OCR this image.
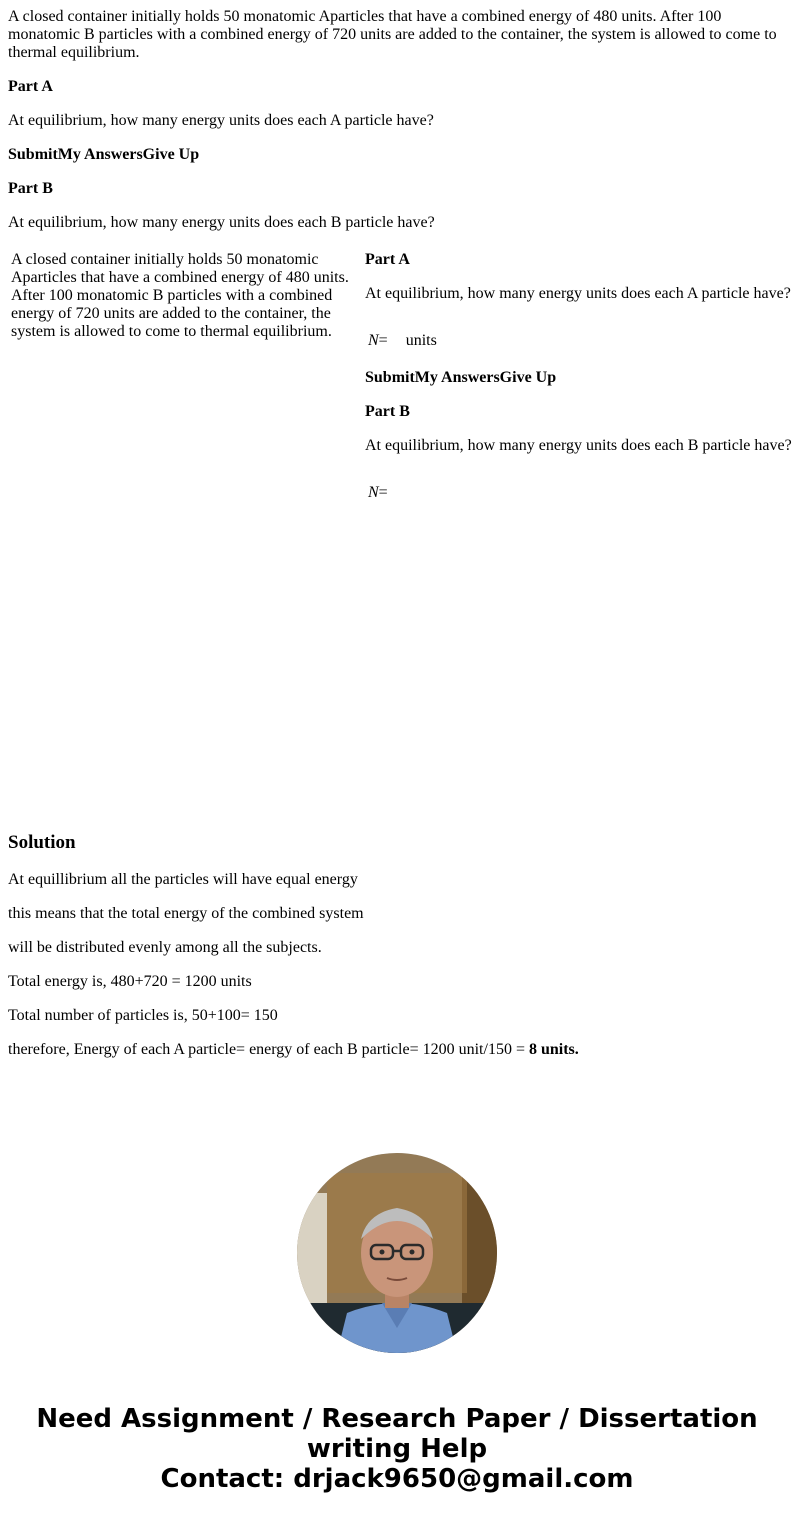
A closed container initially holds 50 monatomic Aparticles that have a combined energy of 480 units. After 100 monatomic B particles with a combined energy of 720 units are added to the container, the system is allowed to come to thermal equilibrium.

Part A

At equilibrium, how many energy units does each A particle have?

SubmitMy AnswersGive Up

Part B

At equilibrium, how many energy units does each B particle have?

A closed container initially holds 50 monatomic Aparticles that have a combined energy of 480 units. After 100 monatomic B particles with a combined energy of 720 units are added to the container, the system is allowed to come to thermal equilibrium.

Part A

At equilibrium, how many energy units does each A particle have?

N = units

SubmitMy AnswersGive Up

Part B

At equilibrium, how many energy units does each B particle have?

N =
Solution

At equillibrium all the particles will have equal energy

this means that the total energy of the combined system

will be distributed evenly among all the subjects.

Total energy is, 480+720 = 1200 units

Total number of particles is, 50+100= 150

therefore, Energy of each A particle= energy of each B particle= 1200 unit/150 = 8 units.

Need Assignment / Research Paper / Dissertation
writing Help
Contact: drjack9650@gmail.com
